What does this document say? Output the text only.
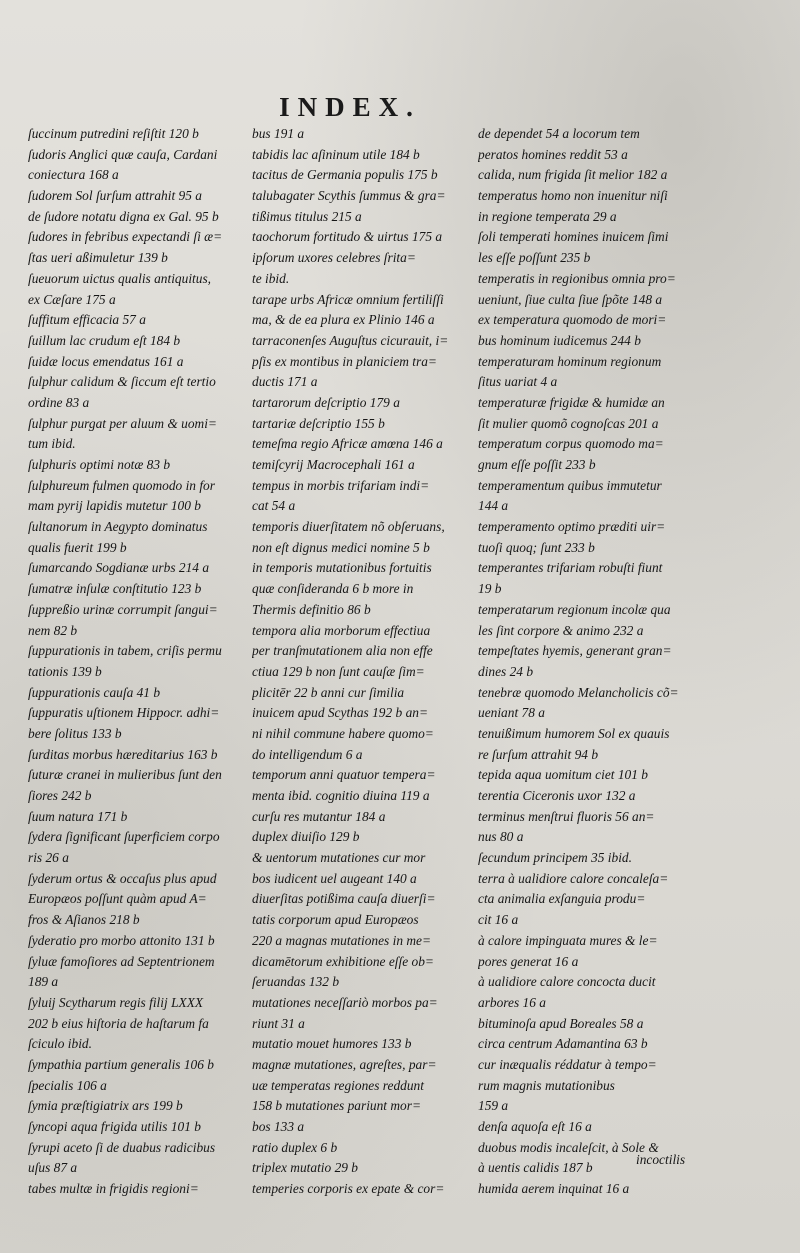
INDEX.
ſuccinum putredini reſiſtit 120 b
ſudoris Anglici quæ cauſa, Cardani
coniectura 168 a
ſudorem Sol ſurſum attrahit 95 a
de ſudore notatu digna ex Gal. 95 b
ſudores in febribus expectandi ſi æ=
ſtas ueri aßimuletur 139 b
ſueuorum uictus qualis antiquitus,
ex Cæſare 175 a
ſuffitum efficacia 57 a
ſuillum lac crudum eſt 184 b
ſuidæ locus emendatus 161 a
ſulphur calidum & ſiccum eſt tertio
ordine 83 a
ſulphur purgat per aluum & uomi=
tum ibid.
ſulphuris optimi notæ 83 b
ſulphureum fulmen quomodo in for
mam pyrij lapidis mutetur 100 b
ſultanorum in Aegypto dominatus
qualis fuerit 199 b
ſumarcando Sogdianæ urbs 214 a
ſumatræ inſulæ conſtitutio 123 b
ſuppreßio urinæ corrumpit ſangui=
nem 82 b
ſuppurationis in tabem, criſis permu
tationis 139 b
ſuppurationis cauſa 41 b
ſuppuratis uſtionem Hippocr. adhi=
bere ſolitus 133 b
ſurditas morbus hæreditarius 163 b
ſuturæ cranei in mulieribus ſunt den
ſiores 242 b
ſuum natura 171 b
ſydera ſignificant ſuperficiem corpo
ris 26 a
ſyderum ortus & occaſus plus apud
Europæos poſſunt quàm apud A=
fros & Aſianos 218 b
ſyderatio pro morbo attonito 131 b
ſyluæ famoſiores ad Septentrionem
189 a
ſyluij Scytharum regis filij LXXX
202 b eius hiſtoria de haſtarum fa
ſciculo ibid.
ſympathia partium generalis 106 b
ſpecialis 106 a
ſymia præſtigiatrix ars 199 b
ſyncopi aqua frigida utilis 101 b
ſyrupi aceto ſi de duabus radicibus
uſus 87 a
tabes multæ in frigidis regioni=
bus 191 a
tabidis lac aſininum utile 184 b
tacitus de Germania populis 175 b
talubagater Scythis ſummus & gra=
tißimus titulus 215 a
taochorum fortitudo & uirtus 175 a
ipſorum uxores celebres ſrita=
te ibid.
tarape urbs Africæ omnium fertiliſſi
ma, & de ea plura ex Plinio 146 a
tarraconenſes Auguſtus cicurauit, i=
pſis ex montibus in planiciem tra=
ductis 171 a
tartarorum deſcriptio 179 a
tartariæ deſcriptio 155 b
temeſma regio Africæ amœna 146 a
temiſcyrij Macrocephali 161 a
tempus in morbis trifariam indi=
cat 54 a
temporis diuerſitatem nõ obſeruans,
non eſt dignus medici nomine 5 b
in temporis mutationibus fortuitis
quæ conſideranda 6 b more in
Thermis definitio 86 b
tempora alia morborum effectiua
per tranſmutationem alia non effe
ctiua 129 b non ſunt cauſæ ſim=
plicitēr 22 b anni cur ſimilia
inuicem apud Scythas 192 b an=
ni nihil commune habere quomo=
do intelligendum 6 a
temporum anni quatuor tempera=
menta ibid. cognitio diuina 119 a
curſu res mutantur 184 a
duplex diuiſio 129 b
& uentorum mutationes cur mor
bos iudicent uel augeant 140 a
diuerſitas potißima cauſa diuerſi=
tatis corporum apud Europæos
220 a magnas mutationes in me=
dicamētorum exhibitione eſſe ob=
ſeruandas 132 b
mutationes neceſſariò morbos pa=
riunt 31 a
mutatio mouet humores 133 b
magnæ mutationes, agreſtes, par=
uæ temperatas regiones reddunt
158 b mutationes pariunt mor=
bos 133 a
ratio duplex 6 b
triplex mutatio 29 b
temperies corporis ex epate & cor=
de dependet 54 a locorum tem
peratos homines reddit 53 a
calida, num frigida ſit melior 182 a
temperatus homo non inuenitur niſi
in regione temperata 29 a
ſoli temperati homines inuicem ſimi
les eſſe poſſunt 235 b
temperatis in regionibus omnia pro=
ueniunt, ſiue culta ſiue ſpõte 148 a
ex temperatura quomodo de mori=
bus hominum iudicemus 244 b
temperaturam hominum regionum
ſitus uariat 4 a
temperaturæ frigidæ & humidæ an
ſit mulier quomõ cognoſcas 201 a
temperatum corpus quomodo ma=
gnum eſſe poſſit 233 b
temperamentum quibus immutetur
144 a
temperamento optimo præditi uir=
tuoſi quoq; ſunt 233 b
temperantes trifariam robuſti fiunt
19 b
temperatarum regionum incolæ qua
les ſint corpore & animo 232 a
tempeſtates hyemis, generant gran=
dines 24 b
tenebræ quomodo Melancholicis cõ=
ueniant 78 a
tenuißimum humorem Sol ex quauis
re ſurſum attrahit 94 b
tepida aqua uomitum ciet 101 b
terentia Ciceronis uxor 132 a
terminus menſtrui fluoris 56 an=
nus 80 a
ſecundum principem 35 ibid.
terra à ualidiore calore concaleſa=
cta animalia exſanguia produ=
cit 16 a
à calore impinguata mures & le=
pores generat 16 a
à ualidiore calore concocta ducit
arbores 16 a
bituminoſa apud Boreales 58 a
circa centrum Adamantina 63 b
cur inæqualis réddatur à tempo=
rum magnis mutationibus
159 a
denſa aquoſa eſt 16 a
duobus modis incaleſcit, à Sole &
à uentis calidis 187 b
humida aerem inquinat 16 a
incoctilis
